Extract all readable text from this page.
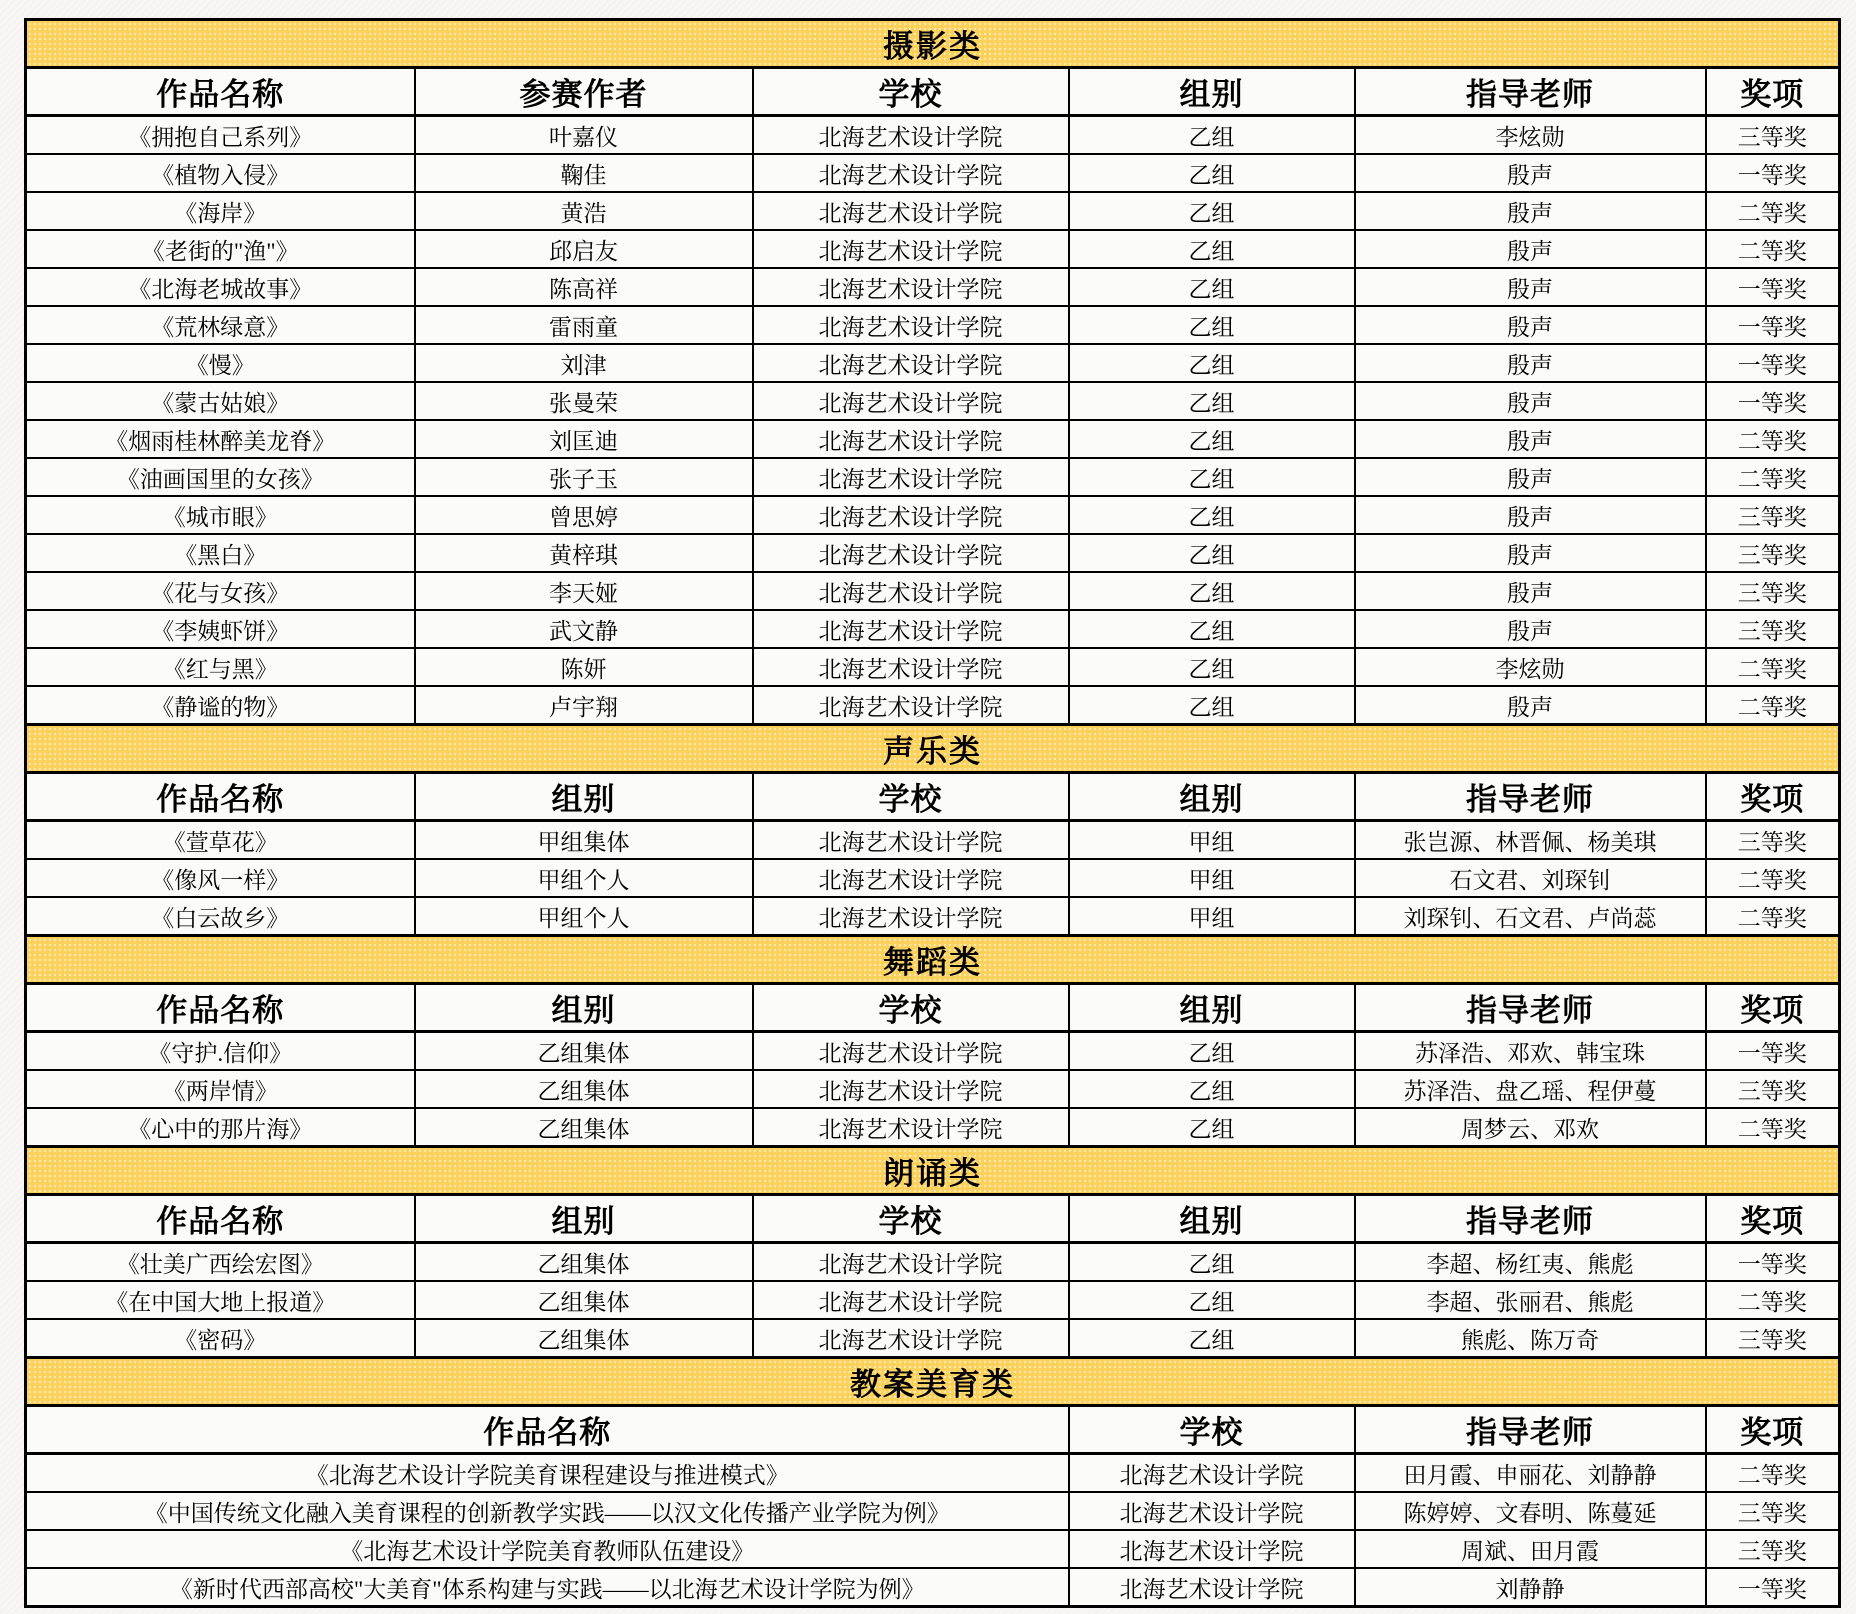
摄影类					
作品名称	参赛作者	学校	组别	指导老师	奖项
《拥抱自己系列》	叶嘉仪	北海艺术设计学院	乙组	李炫勋	三等奖
《植物入侵》	鞠佳	北海艺术设计学院	乙组	殷声	一等奖
《海岸》	黄浩	北海艺术设计学院	乙组	殷声	二等奖
《老街的"渔"》	邱启友	北海艺术设计学院	乙组	殷声	二等奖
《北海老城故事》	陈高祥	北海艺术设计学院	乙组	殷声	一等奖
《荒林绿意》	雷雨童	北海艺术设计学院	乙组	殷声	一等奖
《慢》	刘津	北海艺术设计学院	乙组	殷声	一等奖
《蒙古姑娘》	张曼荣	北海艺术设计学院	乙组	殷声	一等奖
《烟雨桂林醉美龙脊》	刘匡迪	北海艺术设计学院	乙组	殷声	二等奖
《油画国里的女孩》	张子玉	北海艺术设计学院	乙组	殷声	二等奖
《城市眼》	曾思婷	北海艺术设计学院	乙组	殷声	三等奖
《黑白》	黄梓琪	北海艺术设计学院	乙组	殷声	三等奖
《花与女孩》	李天娅	北海艺术设计学院	乙组	殷声	三等奖
《李姨虾饼》	武文静	北海艺术设计学院	乙组	殷声	三等奖
《红与黑》	陈妍	北海艺术设计学院	乙组	李炫勋	二等奖
《静谧的物》	卢宇翔	北海艺术设计学院	乙组	殷声	二等奖
声乐类					
作品名称	组别	学校	组别	指导老师	奖项
《萱草花》	甲组集体	北海艺术设计学院	甲组	张岂源、林晋佩、杨美琪	三等奖
《像风一样》	甲组个人	北海艺术设计学院	甲组	石文君、刘琛钊	二等奖
《白云故乡》	甲组个人	北海艺术设计学院	甲组	刘琛钊、石文君、卢尚蕊	二等奖
舞蹈类					
作品名称	组别	学校	组别	指导老师	奖项
《守护.信仰》	乙组集体	北海艺术设计学院	乙组	苏泽浩、邓欢、韩宝珠	一等奖
《两岸情》	乙组集体	北海艺术设计学院	乙组	苏泽浩、盘乙瑶、程伊蔓	三等奖
《心中的那片海》	乙组集体	北海艺术设计学院	乙组	周梦云、邓欢	二等奖
朗诵类					
作品名称	组别	学校	组别	指导老师	奖项
《壮美广西绘宏图》	乙组集体	北海艺术设计学院	乙组	李超、杨红夷、熊彪	一等奖
《在中国大地上报道》	乙组集体	北海艺术设计学院	乙组	李超、张丽君、熊彪	二等奖
《密码》	乙组集体	北海艺术设计学院	乙组	熊彪、陈万奇	三等奖
教案美育类					
作品名称			学校	指导老师	奖项
《北海艺术设计学院美育课程建设与推进模式》			北海艺术设计学院	田月霞、申丽花、刘静静	二等奖
《中国传统文化融入美育课程的创新教学实践——以汉文化传播产业学院为例》			北海艺术设计学院	陈婷婷、文春明、陈蔓延	三等奖
《北海艺术设计学院美育教师队伍建设》			北海艺术设计学院	周斌、田月霞	三等奖
《新时代西部高校"大美育"体系构建与实践——以北海艺术设计学院为例》			北海艺术设计学院	刘静静	一等奖
